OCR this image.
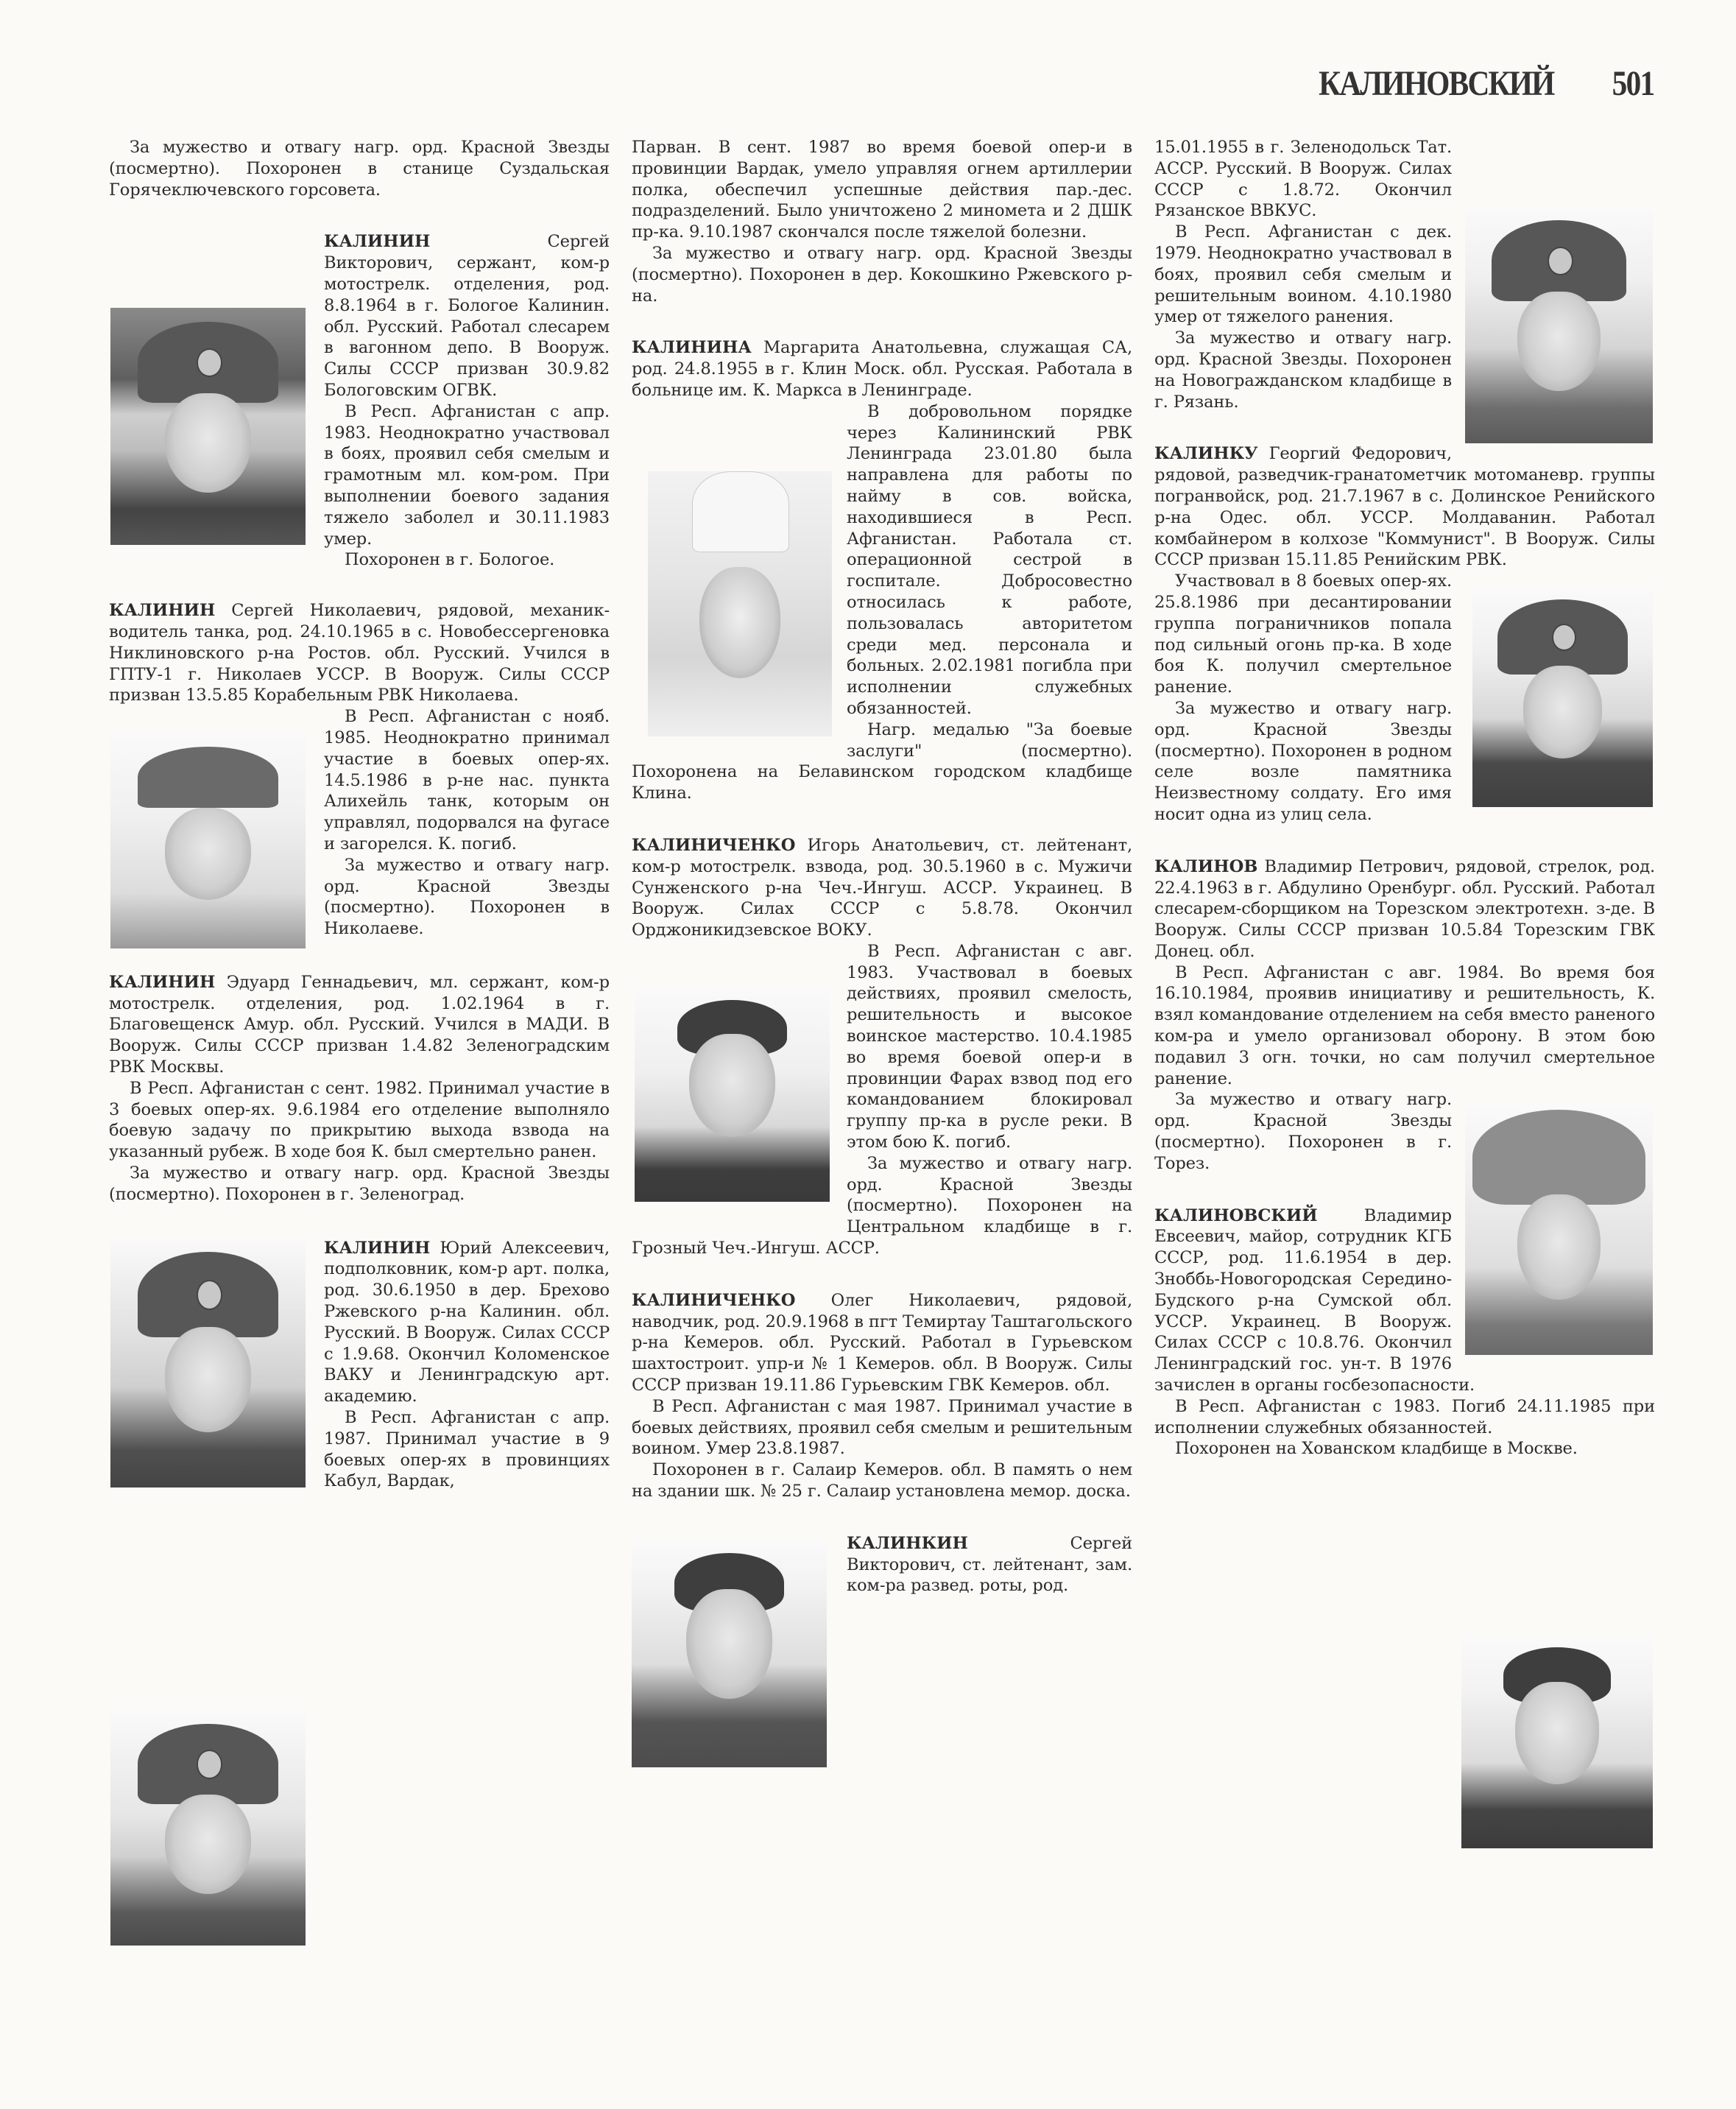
КАЛИНОВСКИЙ 501

За мужество и отвагу нагр. орд. Красной Звезды (посмертно). Похоронен в станице Суздальская Горячеключевского горсовета.

КАЛИНИН	Сергей Викторович, сержант, ком-р мотострелк. отделения, род. 8.8.1964 в г. Бологое Калинин. обл. Русский. Работал слесарем в вагонном депо. В Вооруж. Силы СССР призван 30.9.82 Бологовским ОГВК.

В Респ. Афганистан с апр. 1983. Неоднократно участвовал в боях, проявил себя смелым и грамотным мл. ком-ром. При выполнении боевого задания тяжело заболел и 30.11.1983 умер.

Похоронен в г. Бологое.

КАЛИНИН Сергей Николаевич, рядовой, механик-водитель танка, род. 24.10.1965 в с. Новобессергеновка Никлиновского р-на Ростов. обл. Русский. Учился в ГПТУ-1 г. Николаев УССР. В Вооруж. Силы СССР призван 13.5.85 Корабельным РВК Николаева.

В Респ. Афганистан с нояб. 1985. Неоднократно принимал участие в боевых опер-ях. 14.5.1986 в р-не нас. пункта Алихейль танк, которым он управлял, подорвался на фугасе и загорелся. К. погиб.

За мужество и отвагу нагр. орд. Красной Звезды (посмертно). Похоронен в Николаеве.

КАЛИНИН Эдуард Геннадьевич, мл. сержант, ком-р мотострелк. отделения, род. 1.02.1964 в г. Благовещенск Амур. обл. Русский. Учился в МАДИ. В Вооруж. Силы СССР призван 1.4.82 Зеленоградским РВК Москвы.

В Респ. Афганистан с сент. 1982. Принимал участие в 3 боевых опер-ях. 9.6.1984 его отделение выполняло боевую задачу по прикрытию выхода взвода на указанный рубеж. В ходе боя К. был смертельно ранен.

За мужество и отвагу нагр. орд. Красной Звезды (посмертно). Похоронен в г. Зеленоград.

КАЛИНИН Юрий Алексеевич, подполковник, ком-р арт. полка, род. 30.6.1950 в дер. Брехово Ржевского р-на Калинин. обл. Русский. В Вооруж. Силах СССР с 1.9.68. Окончил Коломенское ВАКУ и Ленинградскую арт. академию.

В Респ. Афганистан с апр. 1987. Принимал участие в 9 боевых опер-ях в провинциях Кабул, Вардак,

Парван. В сент. 1987 во время боевой опер-и в провинции Вардак, умело управляя огнем артиллерии полка, обеспечил успешные действия пар.-дес. подразделений. Было уничтожено 2 миномета и 2 ДШК пр-ка. 9.10.1987 скончался после тяжелой болезни.

За мужество и отвагу нагр. орд. Красной Звезды (посмертно). Похоронен в дер. Кокошкино Ржевского р-на.

КАЛИНИНА Маргарита Анатольевна, служащая СА, род. 24.8.1955 в г. Клин Моск. обл. Русская. Работала в больнице им. К. Маркса в Ленинграде.

В добровольном порядке через Калининский РВК Ленинграда 23.01.80 была направлена для работы по найму в сов. войска, находившиеся в Респ. Афганистан. Работала ст. операционной сестрой в госпитале. Добросовестно относилась к работе, пользовалась авторитетом среди мед. персонала и больных. 2.02.1981 погибла при исполнении служебных обязанностей.

Нагр. медалью "За боевые заслуги" (посмертно). Похоронена на Белавинском городском кладбище Клина.

КАЛИНИЧЕНКО Игорь Анатольевич, ст. лейтенант, ком-р мотострелк. взвода, род. 30.5.1960 в с. Мужичи Сунженского р-на Чеч.-Ингуш. АССР. Украинец. В Вооруж. Силах СССР с 5.8.78. Окончил Орджоникидзевское ВОКУ.

В Респ. Афганистан с авг. 1983. Участвовал в боевых действиях, проявил смелость, решительность и высокое воинское мастерство. 10.4.1985 во время боевой опер-и в провинции Фарах взвод под его командованием блокировал группу пр-ка в русле реки. В этом бою К. погиб.

За мужество и отвагу нагр. орд. Красной Звезды (посмертно). Похоронен на Центральном кладбище в г. Грозный Чеч.-Ингуш. АССР.

КАЛИНИЧЕНКО Олег Николаевич, рядовой, наводчик, род. 20.9.1968 в пгт Темиртау Таштагольского р-на Кемеров. обл. Русский. Работал в Гурьевском шахтостроит. упр-и № 1 Кемеров. обл. В Вооруж. Силы СССР призван 19.11.86 Гурьевским ГВК Кемеров. обл.

В Респ. Афганистан с мая 1987. Принимал участие в боевых действиях, проявил себя смелым и решительным воином. Умер 23.8.1987.

Похоронен в г. Салаир Кемеров. обл. В память о нем на здании шк. № 25 г. Салаир установлена мемор. доска.

КАЛИНКИН	Сергей Викторович, ст. лейтенант, зам. ком-ра развед. роты, род.

15.01.1955 в г. Зеленодольск Тат. АССР. Русский. В Вооруж. Силах СССР с 1.8.72. Окончил Рязанское ВВКУС.

В Респ. Афганистан с дек. 1979. Неоднократно участвовал в боях, проявил себя смелым и решительным воином. 4.10.1980 умер от тяжелого ранения.

За мужество и отвагу нагр. орд. Красной Звезды. Похоронен на Новогражданском кладбище в г. Рязань.

КАЛИНКУ Георгий Федорович, рядовой, разведчик-гранатометчик мотоманевр. группы погранвойск, род. 21.7.1967 в с. Долинское Ренийского р-на Одес. обл. УССР. Молдаванин. Работал комбайнером в колхозе "Коммунист". В Вооруж. Силы СССР призван 15.11.85 Ренийским РВК.

Участвовал в 8 боевых опер-ях. 25.8.1986 при десантировании группа пограничников попала под сильный огонь пр-ка. В ходе боя К. получил смертельное ранение.

За мужество и отвагу нагр. орд. Красной Звезды (посмертно). Похоронен в родном селе возле памятника Неизвестному солдату. Его имя носит одна из улиц села.

КАЛИНОВ Владимир Петрович, рядовой, стрелок, род. 22.4.1963 в г. Абдулино Оренбург. обл. Русский. Работал слесарем-сборщиком на Торезском электротехн. з-де. В Вооруж. Силы СССР призван 10.5.84 Торезским ГВК Донец. обл.

В Респ. Афганистан с авг. 1984. Во время боя 16.10.1984, проявив инициативу и решительность, К. взял командование отделением на себя вместо раненого ком-ра и умело организовал оборону. В этом бою подавил 3 огн. точки, но сам получил смертельное ранение.

За мужество и отвагу нагр. орд. Красной Звезды (посмертно). Похоронен в г. Торез.

КАЛИНОВСКИЙ	Владимир Евсеевич, майор, сотрудник КГБ СССР, род. 11.6.1954 в дер. Зноббь-Новогородская Середино-Будского р-на Сумской обл. УССР. Украинец. В Вооруж. Силах СССР с 10.8.76. Окончил Ленинградский гос. ун-т. В 1976 зачислен в органы госбезопасности.

В Респ. Афганистан с 1983. Погиб 24.11.1985 при исполнении служебных обязанностей.

Похоронен на Хованском кладбище в Москве.
